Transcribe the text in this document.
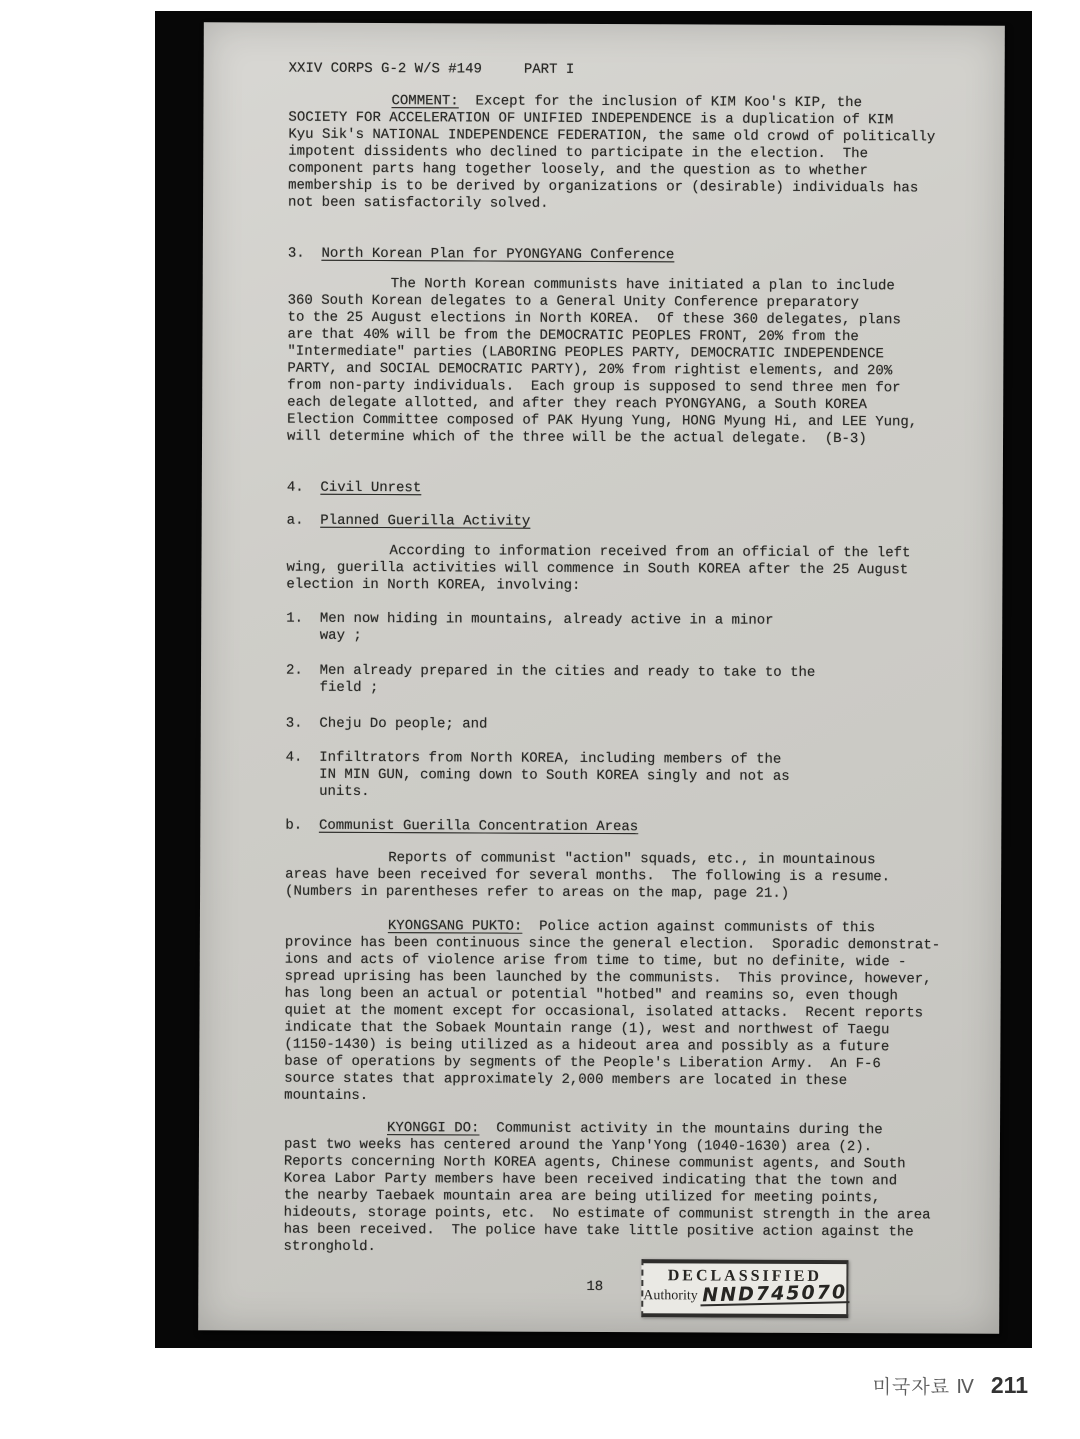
XXIV CORPS G-2 W/S #149     PART I

COMMENT:  Except for the inclusion of KIM Koo's KIP, the
SOCIETY FOR ACCELERATION OF UNIFIED INDEPENDENCE is a duplication of KIM
Kyu Sik's NATIONAL INDEPENDENCE FEDERATION, the same old crowd of politically
impotent dissidents who declined to participate in the election.  The
component parts hang together loosely, and the question as to whether
membership is to be derived by organizations or (desirable) individuals has
not been satisfactorily solved.

3.  North Korean Plan for PYONGYANG Conference

The North Korean communists have initiated a plan to include
360 South Korean delegates to a General Unity Conference preparatory
to the 25 August elections in North KOREA.  Of these 360 delegates, plans
are that 40% will be from the DEMOCRATIC PEOPLES FRONT, 20% from the
"Intermediate" parties (LABORING PEOPLES PARTY, DEMOCRATIC INDEPENDENCE
PARTY, and SOCIAL DEMOCRATIC PARTY), 20% from rightist elements, and 20%
from non-party individuals.  Each group is supposed to send three men for
each delegate allotted, and after they reach PYONGYANG, a South KOREA
Election Committee composed of PAK Hyung Yung, HONG Myung Hi, and LEE Yung,
will determine which of the three will be the actual delegate.  (B-3)

4.  Civil Unrest

a.  Planned Guerilla Activity

According to information received from an official of the left
wing, guerilla activities will commence in South KOREA after the 25 August
election in North KOREA, involving:

1.  Men now hiding in mountains, already active in a minor
way ;

2.  Men already prepared in the cities and ready to take to the
field ;

3.  Cheju Do people; and

4.  Infiltrators from North KOREA, including members of the
IN MIN GUN, coming down to South KOREA singly and not as
units.

b.  Communist Guerilla Concentration Areas

Reports of communist "action" squads, etc., in mountainous
areas have been received for several months.  The following is a resume.
(Numbers in parentheses refer to areas on the map, page 21.)

KYONGSANG PUKTO:  Police action against communists of this
province has been continuous since the general election.  Sporadic demonstrat-
ions and acts of violence arise from time to time, but no definite, wide -
spread uprising has been launched by the communists.  This province, however,
has long been an actual or potential "hotbed" and reamins so, even though
quiet at the moment except for occasional, isolated attacks.  Recent reports
indicate that the Sobaek Mountain range (1), west and northwest of Taegu
(1150-1430) is being utilized as a hideout area and possibly as a future
base of operations by segments of the People's Liberation Army.  An F-6
source states that approximately 2,000 members are located in these
mountains.

KYONGGI DO:  Communist activity in the mountains during the
past two weeks has centered around the Yanp'Yong (1040-1630) area (2).
Reports concerning North KOREA agents, Chinese communist agents, and South
Korea Labor Party members have been received indicating that the town and
the nearby Taebaek mountain area are being utilized for meeting points,
hideouts, storage points, etc.  No estimate of communist strength in the area
has been received.  The police have take little positive action against the
stronghold.

18
DECLASSIFIED
Authority NND745070
미국자료 Ⅳ 211
